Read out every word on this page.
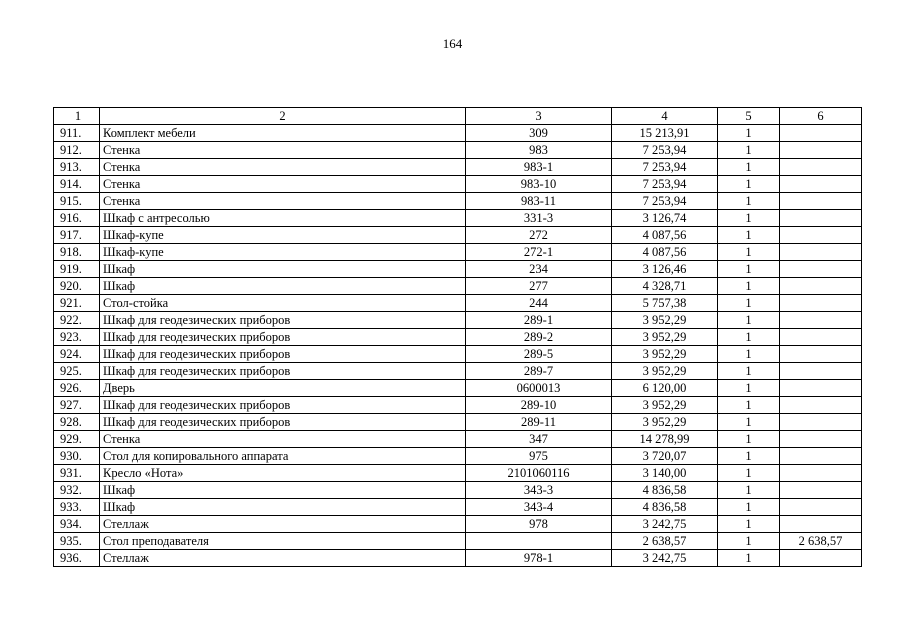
164
1	2	3	4	5	6
911.	Комплект мебели	309	15 213,91	1	
912.	Стенка	983	7 253,94	1	
913.	Стенка	983-1	7 253,94	1	
914.	Стенка	983-10	7 253,94	1	
915.	Стенка	983-11	7 253,94	1	
916.	Шкаф с антресолью	331-3	3 126,74	1	
917.	Шкаф-купе	272	4 087,56	1	
918.	Шкаф-купе	272-1	4 087,56	1	
919.	Шкаф	234	3 126,46	1	
920.	Шкаф	277	4 328,71	1	
921.	Стол-стойка	244	5 757,38	1	
922.	Шкаф для геодезических приборов	289-1	3 952,29	1	
923.	Шкаф для геодезических приборов	289-2	3 952,29	1	
924.	Шкаф для геодезических приборов	289-5	3 952,29	1	
925.	Шкаф для геодезических приборов	289-7	3 952,29	1	
926.	Дверь	0600013	6 120,00	1	
927.	Шкаф для геодезических приборов	289-10	3 952,29	1	
928.	Шкаф для геодезических приборов	289-11	3 952,29	1	
929.	Стенка	347	14 278,99	1	
930.	Стол для копировального аппарата	975	3 720,07	1	
931.	Кресло «Нота»	2101060116	3 140,00	1	
932.	Шкаф	343-3	4 836,58	1	
933.	Шкаф	343-4	4 836,58	1	
934.	Стеллаж	978	3 242,75	1	
935.	Стол преподавателя		2 638,57	1	2 638,57
936.	Стеллаж	978-1	3 242,75	1	
